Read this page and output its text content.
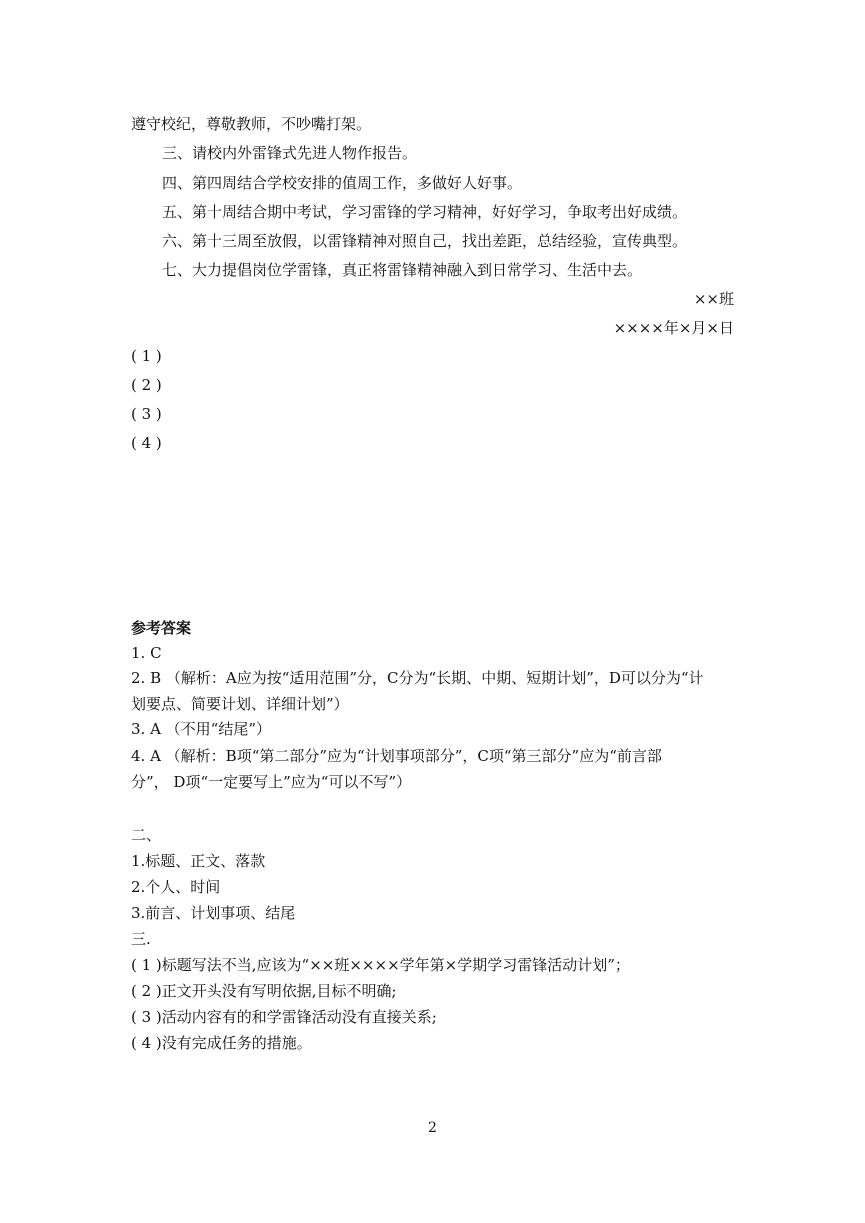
遵守校纪，尊敬教师，不吵嘴打架。
三、请校内外雷锋式先进人物作报告。
四、第四周结合学校安排的值周工作，多做好人好事。
五、第十周结合期中考试，学习雷锋的学习精神，好好学习，争取考出好成绩。
六、第十三周至放假，以雷锋精神对照自己，找出差距，总结经验，宣传典型。
七、大力提倡岗位学雷锋，真正将雷锋精神融入到日常学习、生活中去。
××班
××××年×月×日
( 1 )
( 2 )
( 3 )
( 4 )
参考答案
1. C
2. B （解析：A应为按“适用范围”分，C分为“长期、中期、短期计划”，D可以分为“计
划要点、简要计划、详细计划”）
3. A （不用“结尾”）
4. A （解析：B项“第二部分”应为“计划事项部分”，C项“第三部分”应为“前言部
分”， D项“一定要写上”应为“可以不写”）
二、
1.标题、正文、落款
2.个人、时间
3.前言、计划事项、结尾
三.
( 1 )标题写法不当,应该为“××班××××学年第×学期学习雷锋活动计划”；
( 2 )正文开头没有写明依据,目标不明确;
( 3 )活动内容有的和学雷锋活动没有直接关系;
( 4 )没有完成任务的措施。
2
